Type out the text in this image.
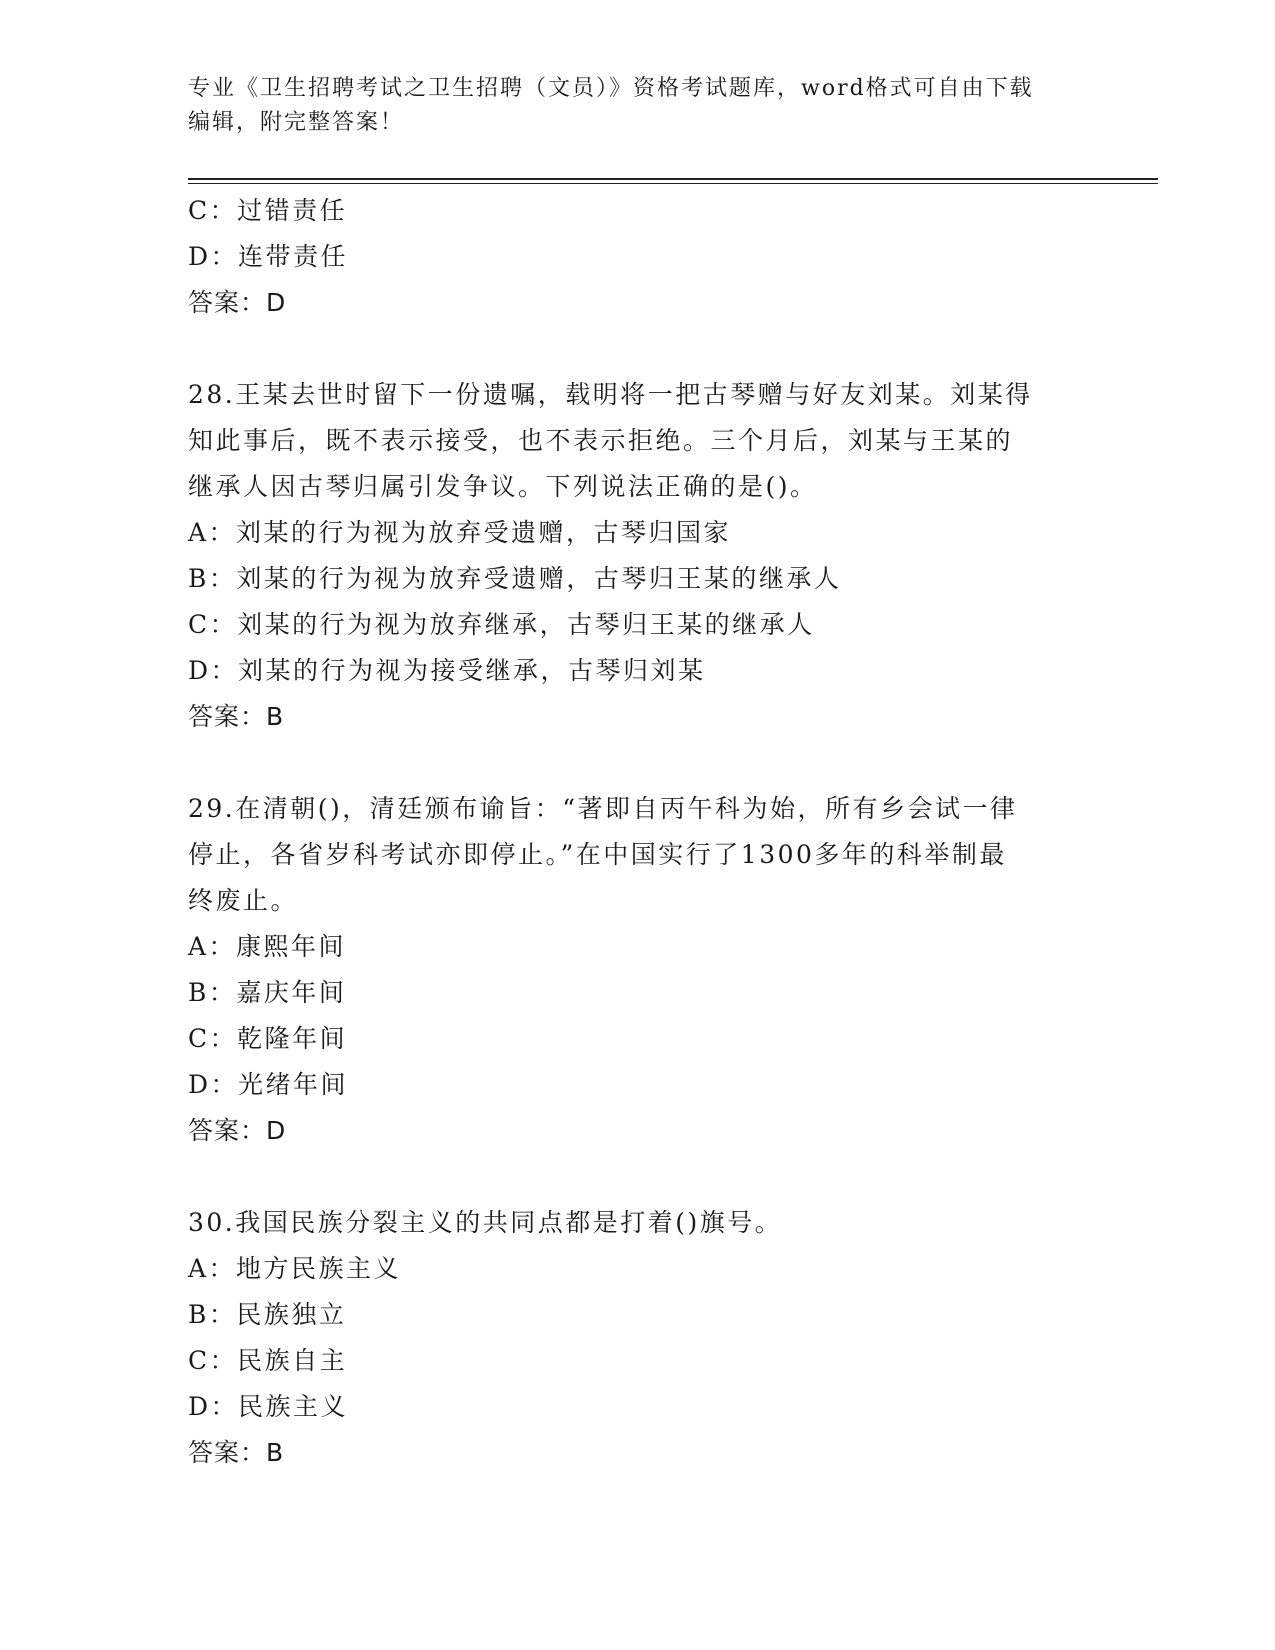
专业《卫生招聘考试之卫生招聘（文员）》资格考试题库，word格式可自由下载
编辑，附完整答案！
C：过错责任
D：连带责任
答案：D
28.王某去世时留下一份遗嘱，载明将一把古琴赠与好友刘某。刘某得
知此事后，既不表示接受，也不表示拒绝。三个月后，刘某与王某的
继承人因古琴归属引发争议。下列说法正确的是()。
A：刘某的行为视为放弃受遗赠，古琴归国家
B：刘某的行为视为放弃受遗赠，古琴归王某的继承人
C：刘某的行为视为放弃继承，古琴归王某的继承人
D：刘某的行为视为接受继承，古琴归刘某
答案：B
29.在清朝()，清廷颁布谕旨：“著即自丙午科为始，所有乡会试一律
停止，各省岁科考试亦即停止。”在中国实行了1300多年的科举制最
终废止。
A：康熙年间
B：嘉庆年间
C：乾隆年间
D：光绪年间
答案：D
30.我国民族分裂主义的共同点都是打着()旗号。
A：地方民族主义
B：民族独立
C：民族自主
D：民族主义
答案：B
